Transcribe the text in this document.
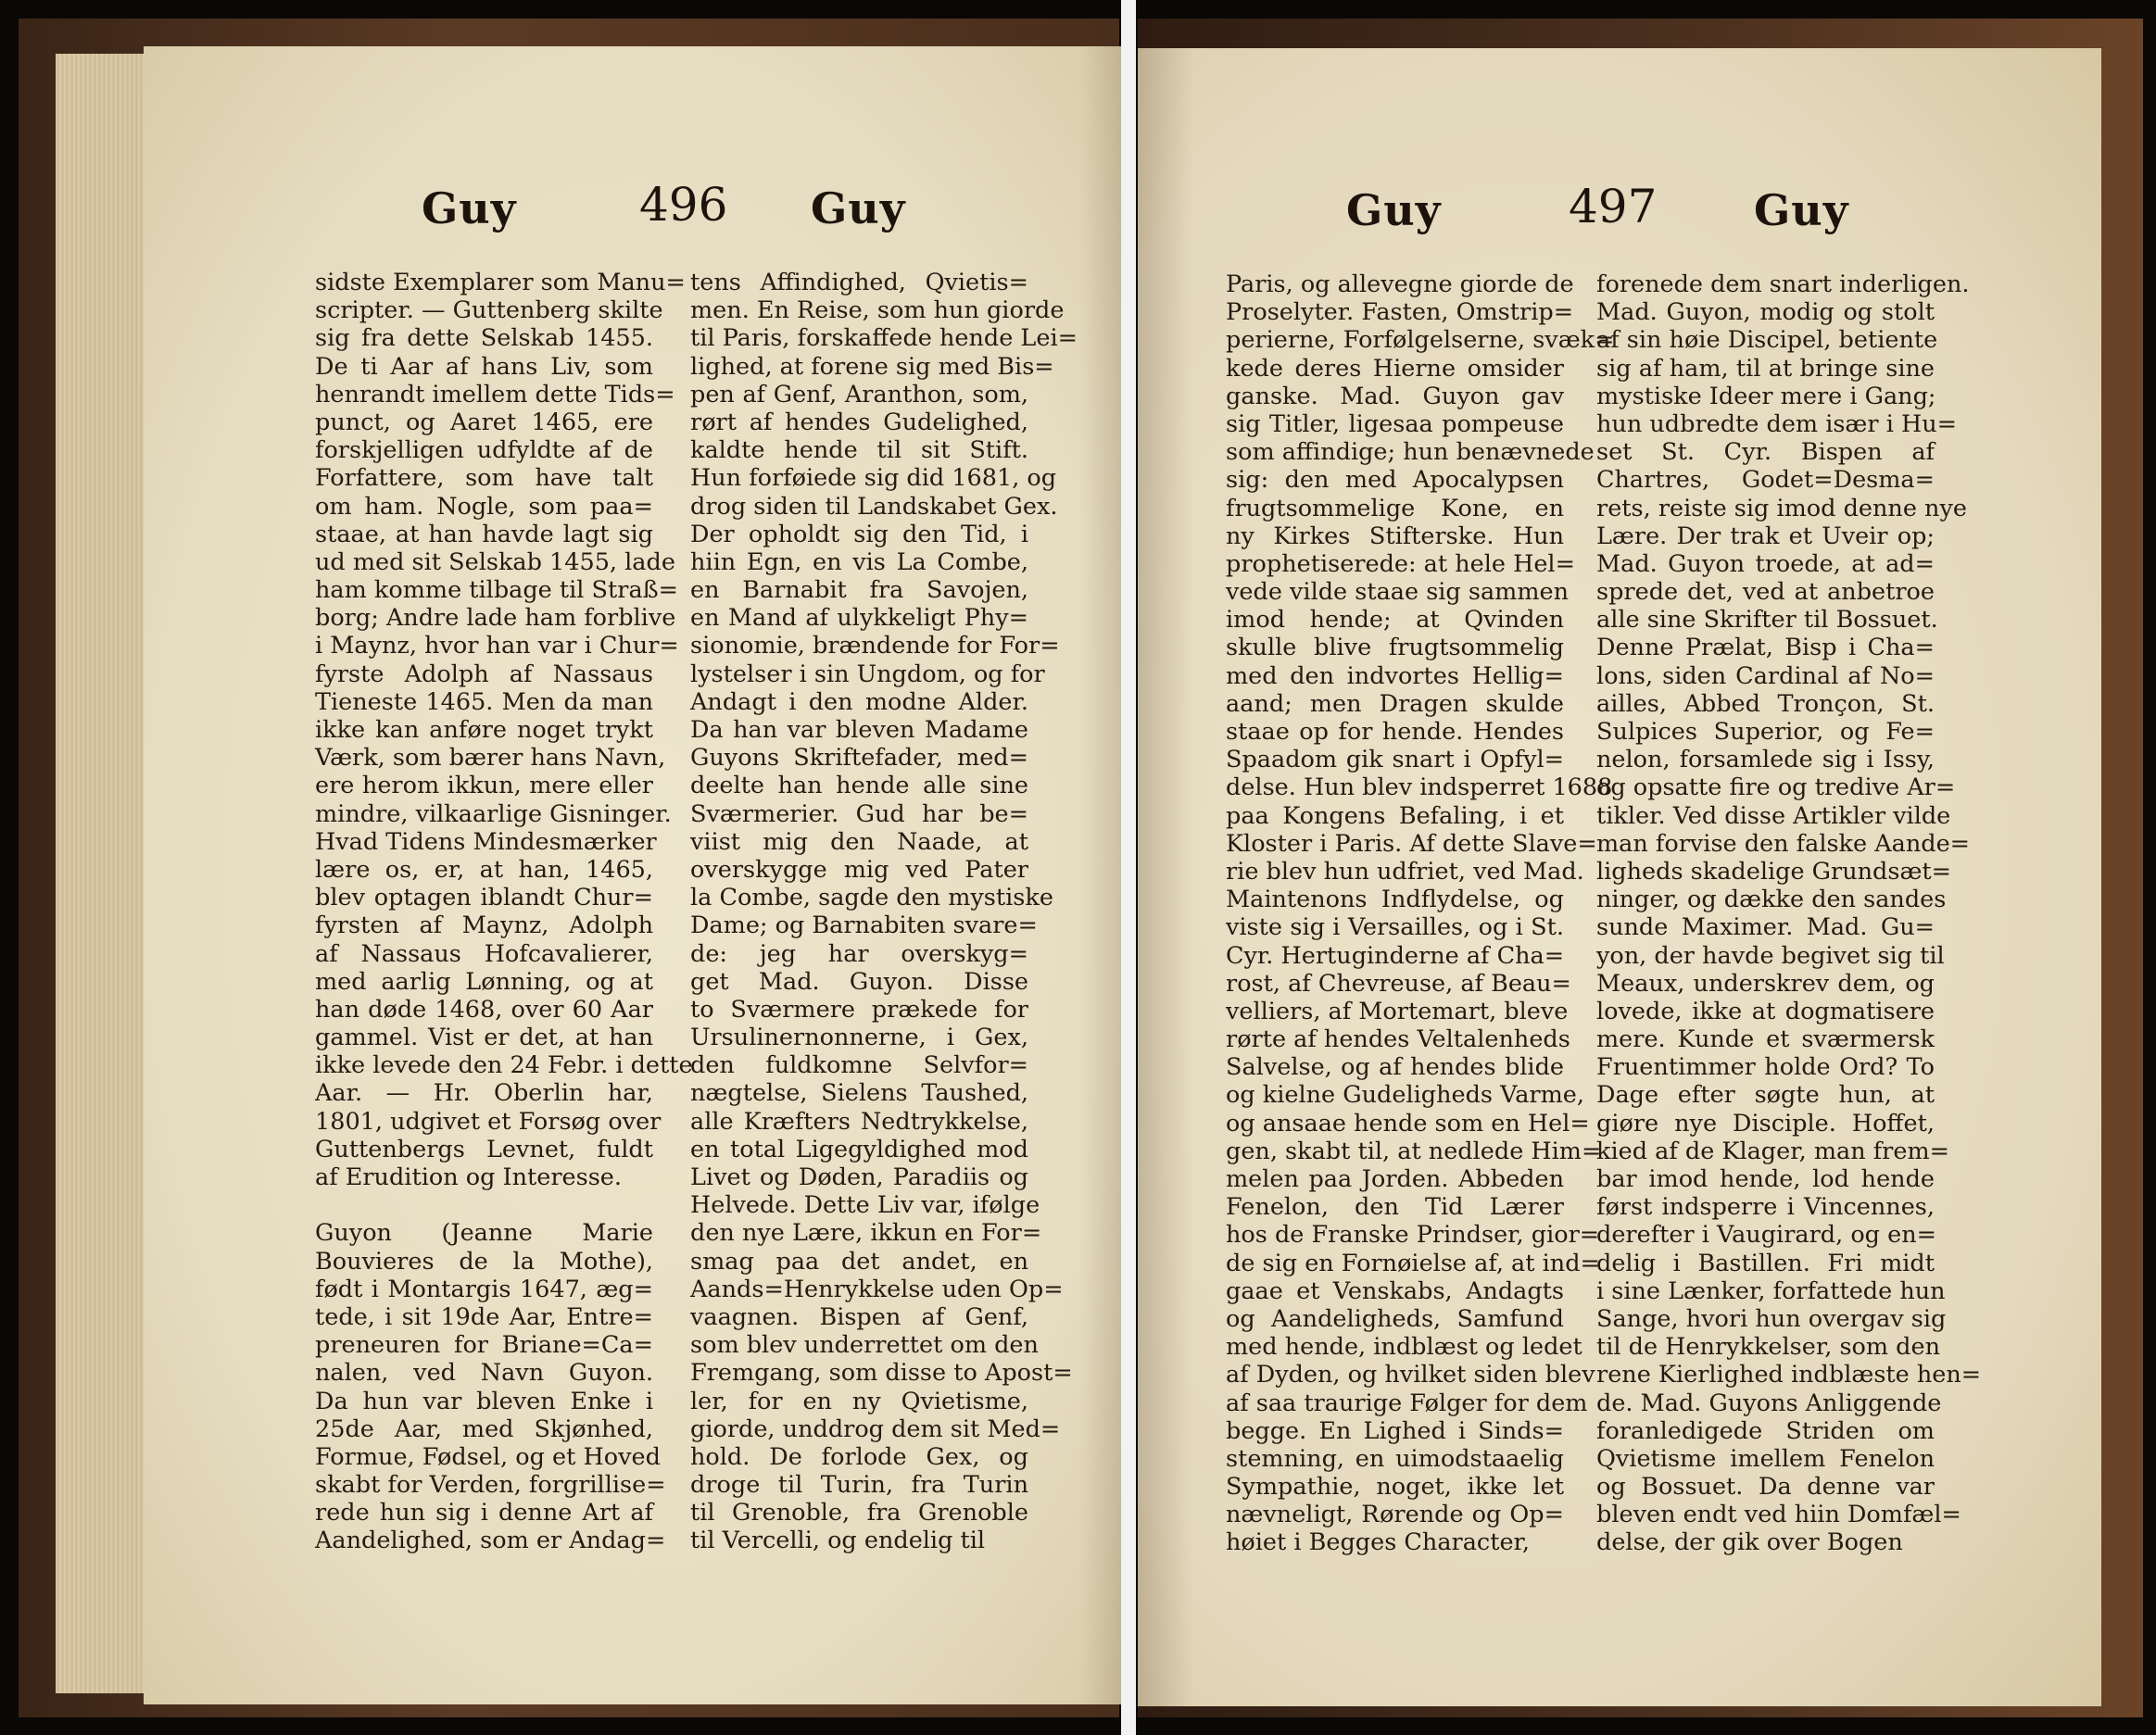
Guy	496 Guy
sidste Exemplarer som Manu=
scripter. — Guttenberg skilte
sig fra dette Selskab 1455.
De ti Aar af hans Liv, som
henrandt imellem dette Tids=
punct, og Aaret 1465, ere
forskjelligen udfyldte af de
Forfattere, som have talt
om ham. Nogle, som paa=
staae, at han havde lagt sig
ud med sit Selskab 1455, lade
ham komme tilbage til Straß=
borg; Andre lade ham forblive
i Maynz, hvor han var i Chur=
fyrste Adolph af Nassaus
Tieneste 1465. Men da man
ikke kan anføre noget trykt
Værk, som bærer hans Navn,
ere herom ikkun, mere eller
mindre, vilkaarlige Gisninger.
Hvad Tidens Mindesmærker
lære os, er, at han, 1465,
blev optagen iblandt Chur=
fyrsten af Maynz, Adolph
af Nassaus Hofcavalierer,
med aarlig Lønning, og at
han døde 1468, over 60 Aar
gammel. Vist er det, at han
ikke levede den 24 Febr. i dette
Aar. — Hr. Oberlin har,
1801, udgivet et Forsøg over
Guttenbergs Levnet, fuldt
af Erudition og Interesse.
Guyon (Jeanne Marie
Bouvieres de la Mothe),
født i Montargis 1647, æg=
tede, i sit 19de Aar, Entre=
preneuren for Briane=Ca=
nalen, ved Navn Guyon.
Da hun var bleven Enke i
25de Aar, med Skjønhed,
Formue, Fødsel, og et Hoved
skabt for Verden, forgrillise=
rede hun sig i denne Art af
Aandelighed, som er Andag=
tens Affindighed, Qvietis=
men. En Reise, som hun giorde
til Paris, forskaffede hende Lei=
lighed, at forene sig med Bis=
pen af Genf, Aranthon, som,
rørt af hendes Gudelighed,
kaldte hende til sit Stift.
Hun forføiede sig did 1681, og
drog siden til Landskabet Gex.
Der opholdt sig den Tid, i
hiin Egn, en vis La Combe,
en Barnabit fra Savojen,
en Mand af ulykkeligt Phy=
sionomie, brændende for For=
lystelser i sin Ungdom, og for
Andagt i den modne Alder.
Da han var bleven Madame
Guyons Skriftefader, med=
deelte han hende alle sine
Sværmerier. Gud har be=
viist mig den Naade, at
overskygge mig ved Pater
la Combe, sagde den mystiske
Dame; og Barnabiten svare=
de: jeg har overskyg=
get Mad. Guyon. Disse
to Sværmere prækede for
Ursulinernonnerne, i Gex,
den fuldkomne Selvfor=
nægtelse, Sielens Taushed,
alle Kræfters Nedtrykkelse,
en total Ligegyldighed mod
Livet og Døden, Paradiis og
Helvede. Dette Liv var, ifølge
den nye Lære, ikkun en For=
smag paa det andet, en
Aands=Henrykkelse uden Op=
vaagnen. Bispen af Genf,
som blev underrettet om den
Fremgang, som disse to Apost=
ler, for en ny Qvietisme,
giorde, unddrog dem sit Med=
hold. De forlode Gex, og
droge til Turin, fra Turin
til Grenoble, fra Grenoble
til Vercelli, og endelig til
Guy	497 Guy
Paris, og allevegne giorde de
Proselyter. Fasten, Omstrip=
perierne, Forfølgelserne, svæk=
kede deres Hierne omsider
ganske. Mad. Guyon gav
sig Titler, ligesaa pompeuse
som affindige; hun benævnede
sig: den med Apocalypsen
frugtsommelige Kone, en
ny Kirkes Stifterske. Hun
prophetiserede: at hele Hel=
vede vilde staae sig sammen
imod hende; at Qvinden
skulle blive frugtsommelig
med den indvortes Hellig=
aand; men Dragen skulde
staae op for hende. Hendes
Spaadom gik snart i Opfyl=
delse. Hun blev indsperret 1688
paa Kongens Befaling, i et
Kloster i Paris. Af dette Slave=
rie blev hun udfriet, ved Mad.
Maintenons Indflydelse, og
viste sig i Versailles, og i St.
Cyr. Hertuginderne af Cha=
rost, af Chevreuse, af Beau=
velliers, af Mortemart, bleve
rørte af hendes Veltalenheds
Salvelse, og af hendes blide
og kielne Gudeligheds Varme,
og ansaae hende som en Hel=
gen, skabt til, at nedlede Him=
melen paa Jorden. Abbeden
Fenelon, den Tid Lærer
hos de Franske Prindser, gior=
de sig en Fornøielse af, at ind=
gaae et Venskabs, Andagts
og Aandeligheds, Samfund
med hende, indblæst og ledet
af Dyden, og hvilket siden blev
af saa traurige Følger for dem
begge. En Lighed i Sinds=
stemning, en uimodstaaelig
Sympathie, noget, ikke let
nævneligt, Rørende og Op=
høiet i Begges Character,
forenede dem snart inderligen.
Mad. Guyon, modig og stolt
af sin høie Discipel, betiente
sig af ham, til at bringe sine
mystiske Ideer mere i Gang;
hun udbredte dem især i Hu=
set St. Cyr. Bispen af
Chartres, Godet=Desma=
rets, reiste sig imod denne nye
Lære. Der trak et Uveir op;
Mad. Guyon troede, at ad=
sprede det, ved at anbetroe
alle sine Skrifter til Bossuet.
Denne Prælat, Bisp i Cha=
lons, siden Cardinal af No=
ailles, Abbed Tronçon, St.
Sulpices Superior, og Fe=
nelon, forsamlede sig i Issy,
og opsatte fire og tredive Ar=
tikler. Ved disse Artikler vilde
man forvise den falske Aande=
ligheds skadelige Grundsæt=
ninger, og dække den sandes
sunde Maximer. Mad. Gu=
yon, der havde begivet sig til
Meaux, underskrev dem, og
lovede, ikke at dogmatisere
mere. Kunde et sværmersk
Fruentimmer holde Ord? To
Dage efter søgte hun, at
giøre nye Disciple. Hoffet,
kied af de Klager, man frem=
bar imod hende, lod hende
først indsperre i Vincennes,
derefter i Vaugirard, og en=
delig i Bastillen. Fri midt
i sine Lænker, forfattede hun
Sange, hvori hun overgav sig
til de Henrykkelser, som den
rene Kierlighed indblæste hen=
de. Mad. Guyons Anliggende
foranledigede Striden om
Qvietisme imellem Fenelon
og Bossuet. Da denne var
bleven endt ved hiin Domfæl=
delse, der gik over Bogen
